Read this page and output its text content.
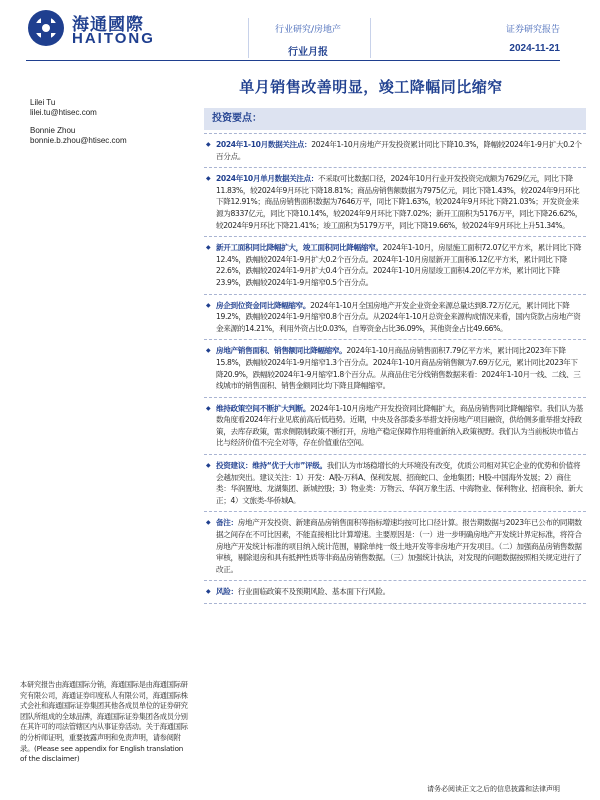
海通國際
HAITONG	行业研究/房地产
行业月报
证券研究报告
2024-11-21
单月销售改善明显，竣工降幅同比缩窄
Lilei Tu
lilei.tu@htisec.com
Bonnie Zhou
bonnie.b.zhou@htisec.com
投资要点：
◆ 2024年1-10月数据关注点：2024年1-10月房地产开发投资累计同比下降10.3%，降幅较2024年1-9月扩大0.2个百分点。
◆ 2024年10月单月数据关注点：不采取可比数据口径，2024年10月行业开发投资完成额为7629亿元，同比下降11.83%，较2024年9月环比下降18.81%；商品房销售额数据为7975亿元，同比下降1.43%，较2024年9月环比下降12.91%；商品房销售面积数据为7646万平，同比下降1.63%，较2024年9月环比下降21.03%；开发资金来源为8337亿元，同比下降10.14%，较2024年9月环比下降7.02%；新开工面积为5176万平，同比下降26.62%，较2024年9月环比下降21.41%；竣工面积为5179万平，同比下降19.66%，较2024年9月环比上升51.34%。
◆ 新开工面积同比降幅扩大，竣工面积同比降幅缩窄。2024年1-10月，房屋施工面积72.07亿平方米，累计同比下降12.4%，跌幅较2024年1-9月扩大0.2个百分点。2024年1-10月房屋新开工面积6.12亿平方米，累计同比下降22.6%，跌幅较2024年1-9月扩大0.4个百分点。2024年1-10月房屋竣工面积4.20亿平方米，累计同比下降23.9%，跌幅较2024年1-9月缩窄0.5个百分点。
◆ 房企到位资金同比降幅缩窄。2024年1-10月全国房地产开发企业资金来源总量达到8.72万亿元，累计同比下降19.2%，跌幅较2024年1-9月缩窄0.8个百分点。从2024年1-10月总资金来源构成情况来看，国内贷款占房地产资金来源的14.21%，利用外资占比0.03%，自筹资金占比36.09%，其他资金占比49.66%。
◆ 房地产销售面积、销售额同比降幅缩窄。2024年1-10月商品房销售面积7.79亿平方米，累计同比2023年下降15.8%，跌幅较2024年1-9月缩窄1.3个百分点。2024年1-10月商品房销售额为7.69万亿元，累计同比2023年下降20.9%，跌幅较2024年1-9月缩窄1.8个百分点。从商品住宅分线销售数据来看：2024年1-10月一线、二线、三线城市的销售面积、销售金额同比均下降且降幅缩窄。
◆ 维持政策空间不断扩大判断。2024年1-10月房地产开发投资同比降幅扩大，商品房销售同比降幅缩窄。我们认为基数角度看2024年行业见底前高后低趋势。近期，中央及各部委多举措支持房地产项目融资，供给侧多重举措支持政策，去库存政策，需求侧限制政策不断打开，房地产稳定保障作用将重新纳入政策视野。我们认为当前板块市值占比与经济价值不完全对等，存在价值重估空间。
◆ 投资建议：维持“优于大市”评级。我们认为市场稳增长的大环境没有改变，优质公司相对其它企业的优势和价值将会越加突出。建议关注：1）开发：A股-万科A、保利发展、招商蛇口、金地集团；H股-中国海外发展；2）商住类：华润置地、龙湖集团、新城控股；3）物业类：万物云、华润万象生活、中海物业、保利物业、招商积余、新大正；4）文旅类-华侨城A。
◆ 备注：房地产开发投资、新建商品房销售面积等指标增速均按可比口径计算。报告期数据与2023年已公布的同期数据之间存在不可比因素，不能直接相比计算增速。主要原因是：（一）进一步明确房地产开发统计界定标准，将符合房地产开发统计标准的项目纳入统计范围，剔除单纯一级土地开发等非房地产开发项目。（二）加强商品房销售数据审核，剔除退房和具有抵押性质等非商品房销售数据。（三）加强统计执法，对发现的问题数据按照相关规定进行了改正。
◆ 风险：行业面临政策不及预期风险、基本面下行风险。
本研究报告由海通国际分销，海通国际是由海通国际研究有限公司，海通证券印度私人有限公司，海通国际株式会社和海通国际证券集团其他各成员单位的证券研究团队所组成的全球品牌，海通国际证券集团各成员分别在其许可的司法管辖区内从事证券活动。关于海通国际的分析师证明，重要披露声明和免责声明，请参阅附录。(Please see appendix for English translation of the disclaimer)
请务必阅读正文之后的信息披露和法律声明
